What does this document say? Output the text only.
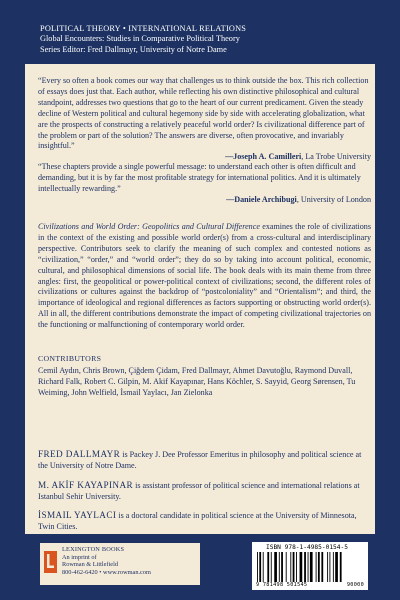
POLITICAL THEORY • INTERNATIONAL RELATIONS
Global Encounters: Studies in Comparative Political Theory
Series Editor: Fred Dallmayr, University of Notre Dame
“Every so often a book comes our way that challenges us to think outside the box. This rich collection of essays does just that. Each author, while reflecting his own distinctive philosophical and cultural standpoint, addresses two questions that go to the heart of our current predicament. Given the steady decline of Western political and cultural hegemony side by side with accelerating globalization, what are the prospects of constructing a relatively peaceful world order? Is civilizational difference part of the problem or part of the solution? The answers are diverse, often provocative, and invariably insightful.”
—Joseph A. Camilleri, La Trobe University
“These chapters provide a single powerful message: to understand each other is often difficult and demanding, but it is by far the most profitable strategy for international politics. And it is ultimately intellectually rewarding.”
—Daniele Archibugi, University of London
Civilizations and World Order: Geopolitics and Cultural Difference examines the role of civilizations in the context of the existing and possible world order(s) from a cross-cultural and interdisciplinary perspective. Contributors seek to clarify the meaning of such complex and contested notions as “civilization,” “order,” and “world order”; they do so by taking into account political, economic, cultural, and philosophical dimensions of social life. The book deals with its main theme from three angles: first, the geopolitical or power-political context of civilizations; second, the different roles of civilizations or cultures against the backdrop of “postcoloniality” and “Orientalism”; and third, the importance of ideological and regional differences as factors supporting or obstructing world order(s). All in all, the different contributions demonstrate the impact of competing civilizational trajectories on the functioning or malfunctioning of contemporary world order.
CONTRIBUTORS
Cemil Aydın, Chris Brown, Çiğdem Çidam, Fred Dallmayr, Ahmet Davutoğlu, Raymond Duvall, Richard Falk, Robert C. Gilpin, M. Akif Kayapınar, Hans Köchler, S. Sayyid, Georg Sørensen, Tu Weiming, John Welfield, İsmail Yaylacı, Jan Zielonka
FRED DALLMAYR is Packey J. Dee Professor Emeritus in philosophy and political science at the University of Notre Dame.
M. AKİF KAYAPINAR is assistant professor of political science and international relations at Istanbul Sehir University.
İSMAIL YAYLACI is a doctoral candidate in political science at the University of Minnesota, Twin Cities.
LEXINGTON BOOKS
An imprint of
Rowman & Littlefield
800-462-6420 • www.rowman.com
ISBN 978-1-4985-0154-5
9 781498 501545	90000
